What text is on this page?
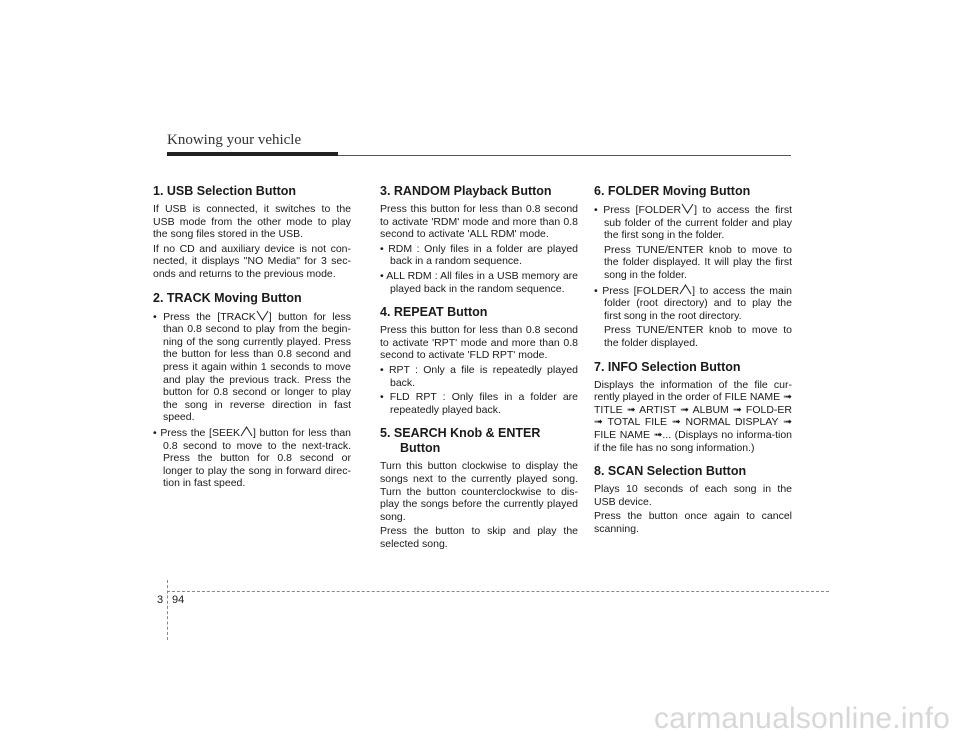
Knowing your vehicle
1. USB Selection Button

If USB is connected, it switches to the USB mode from the other mode to play the song files stored in the USB.

If no CD and auxiliary device is not con-nected, it displays "NO Media" for 3 sec-onds and returns to the previous mode.

2. TRACK Moving Button

• Press the [TRACK ] button for less than 0.8 second to play from the begin-ning of the song currently played. Press the button for less than 0.8 second and press it again within 1 seconds to move and play the previous track. Press the button for 0.8 second or longer to play the song in reverse direction in fast speed.

• Press the [SEEK ] button for less than 0.8 second to move to the next-track. Press the button for 0.8 second or longer to play the song in forward direc-tion in fast speed.

3. RANDOM Playback Button

Press this button for less than 0.8 second to activate 'RDM' mode and more than 0.8 second to activate 'ALL RDM' mode.

• RDM : Only files in a folder are played back in a random sequence.

• ALL RDM : All files in a USB memory are played back in the random sequence.

4. REPEAT Button

Press this button for less than 0.8 second to activate 'RPT' mode and more than 0.8 second to activate 'FLD RPT' mode.

• RPT : Only a file is repeatedly played back.

• FLD RPT : Only files in a folder are repeatedly played back.

5. SEARCH Knob & ENTER Button

Turn this button clockwise to display the songs next to the currently played song. Turn the button counterclockwise to dis-play the songs before the currently played song.

Press the button to skip and play the selected song.

6. FOLDER Moving Button

• Press [FOLDER ] to access the first sub folder of the current folder and play the first song in the folder.

Press TUNE/ENTER knob to move to the folder displayed. It will play the first song in the folder.

• Press [FOLDER ] to access the main folder (root directory) and to play the first song in the root directory.

Press TUNE/ENTER knob to move to the folder displayed.

7. INFO Selection Button

Displays the information of the file cur-rently played in the order of FILE NAME ➟ TITLE ➟ ARTIST ➟ ALBUM ➟ FOLD-ER ➟ TOTAL FILE ➟ NORMAL DISPLAY ➟ FILE NAME ➟... (Displays no informa-tion if the file has no song information.)

8. SCAN Selection Button

Plays 10 seconds of each song in the USB device.

Press the button once again to cancel scanning.

3 94
carmanualsonline.info
